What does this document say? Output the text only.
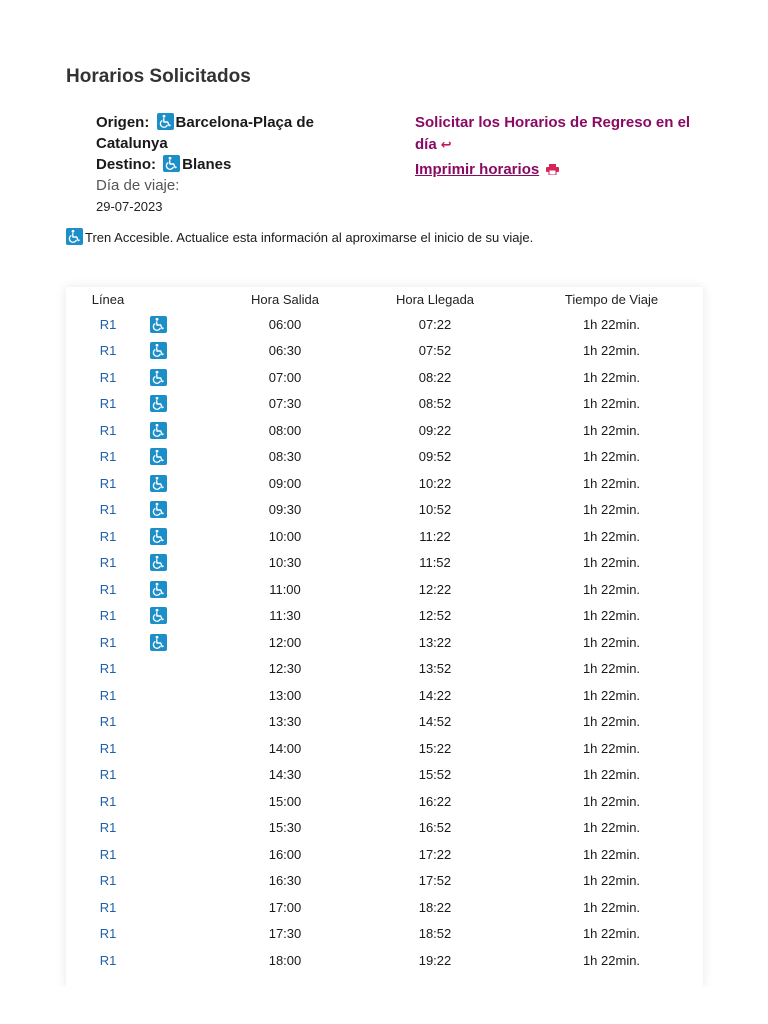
Horarios Solicitados
Origen: Barcelona-Plaça de Catalunya
Destino: Blanes
Día de viaje:
29-07-2023
Solicitar los Horarios de Regreso en el día ↩
Imprimir horarios
Tren Accesible. Actualice esta información al aproximarse el inicio de su viaje.
Línea		Hora Salida	Hora Llegada	Tiempo de Viaje
R1		06:00	07:22	1h 22min.
R1		06:30	07:52	1h 22min.
R1		07:00	08:22	1h 22min.
R1		07:30	08:52	1h 22min.
R1		08:00	09:22	1h 22min.
R1		08:30	09:52	1h 22min.
R1		09:00	10:22	1h 22min.
R1		09:30	10:52	1h 22min.
R1		10:00	11:22	1h 22min.
R1		10:30	11:52	1h 22min.
R1		11:00	12:22	1h 22min.
R1		11:30	12:52	1h 22min.
R1		12:00	13:22	1h 22min.
R1		12:30	13:52	1h 22min.
R1		13:00	14:22	1h 22min.
R1		13:30	14:52	1h 22min.
R1		14:00	15:22	1h 22min.
R1		14:30	15:52	1h 22min.
R1		15:00	16:22	1h 22min.
R1		15:30	16:52	1h 22min.
R1		16:00	17:22	1h 22min.
R1		16:30	17:52	1h 22min.
R1		17:00	18:22	1h 22min.
R1		17:30	18:52	1h 22min.
R1		18:00	19:22	1h 22min.
